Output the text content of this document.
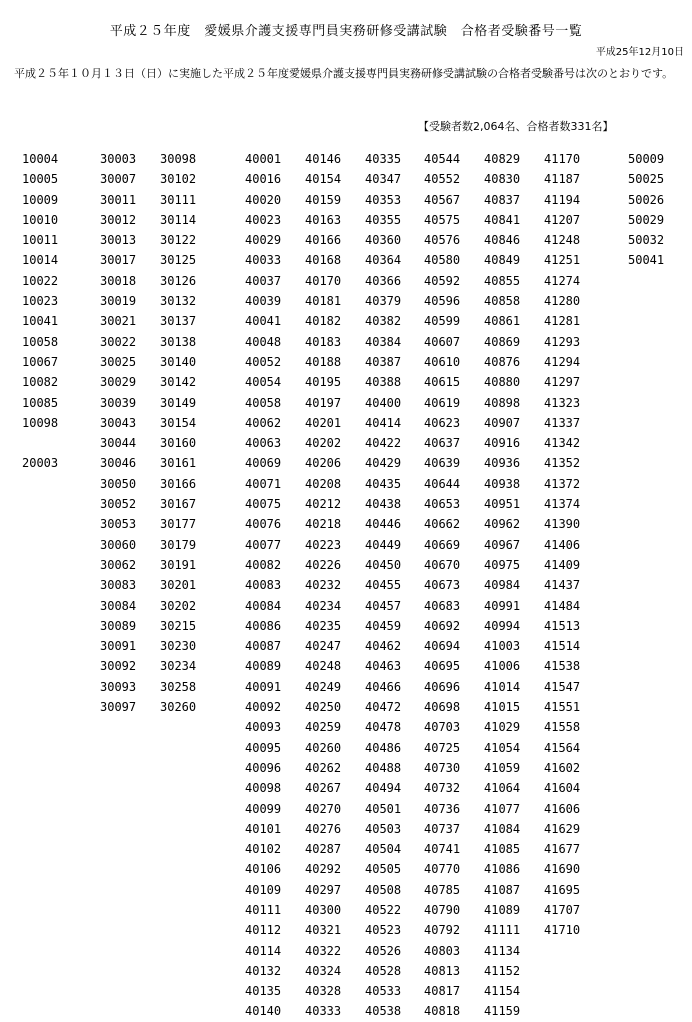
平成２５年度　愛媛県介護支援専門員実務研修受講試験　合格者受験番号一覧
平成25年12月10日
平成２５年１０月１３日（日）に実施した平成２５年度愛媛県介護支援専門員実務研修受講試験の合格者受験番号は次のとおりです。
【受験者数2,064名、合格者数331名】
10004
10005
10009
10010
10011
10014
10022
10023
10041
10058
10067
10082
10085
10098
20003
30003
30007
30011
30012
30013
30017
30018
30019
30021
30022
30025
30029
30039
30043
30044
30046
30050
30052
30053
30060
30062
30083
30084
30089
30091
30092
30093
30097
30098
30102
30111
30114
30122
30125
30126
30132
30137
30138
30140
30142
30149
30154
30160
30161
30166
30167
30177
30179
30191
30201
30202
30215
30230
30234
30258
30260
40001
40016
40020
40023
40029
40033
40037
40039
40041
40048
40052
40054
40058
40062
40063
40069
40071
40075
40076
40077
40082
40083
40084
40086
40087
40089
40091
40092
40093
40095
40096
40098
40099
40101
40102
40106
40109
40111
40112
40114
40132
40135
40140
40146
40154
40159
40163
40166
40168
40170
40181
40182
40183
40188
40195
40197
40201
40202
40206
40208
40212
40218
40223
40226
40232
40234
40235
40247
40248
40249
40250
40259
40260
40262
40267
40270
40276
40287
40292
40297
40300
40321
40322
40324
40328
40333
40335
40347
40353
40355
40360
40364
40366
40379
40382
40384
40387
40388
40400
40414
40422
40429
40435
40438
40446
40449
40450
40455
40457
40459
40462
40463
40466
40472
40478
40486
40488
40494
40501
40503
40504
40505
40508
40522
40523
40526
40528
40533
40538
40544
40552
40567
40575
40576
40580
40592
40596
40599
40607
40610
40615
40619
40623
40637
40639
40644
40653
40662
40669
40670
40673
40683
40692
40694
40695
40696
40698
40703
40725
40730
40732
40736
40737
40741
40770
40785
40790
40792
40803
40813
40817
40818
40829
40830
40837
40841
40846
40849
40855
40858
40861
40869
40876
40880
40898
40907
40916
40936
40938
40951
40962
40967
40975
40984
40991
40994
41003
41006
41014
41015
41029
41054
41059
41064
41077
41084
41085
41086
41087
41089
41111
41134
41152
41154
41159
41170
41187
41194
41207
41248
41251
41274
41280
41281
41293
41294
41297
41323
41337
41342
41352
41372
41374
41390
41406
41409
41437
41484
41513
41514
41538
41547
41551
41558
41564
41602
41604
41606
41629
41677
41690
41695
41707
41710
50009
50025
50026
50029
50032
50041
